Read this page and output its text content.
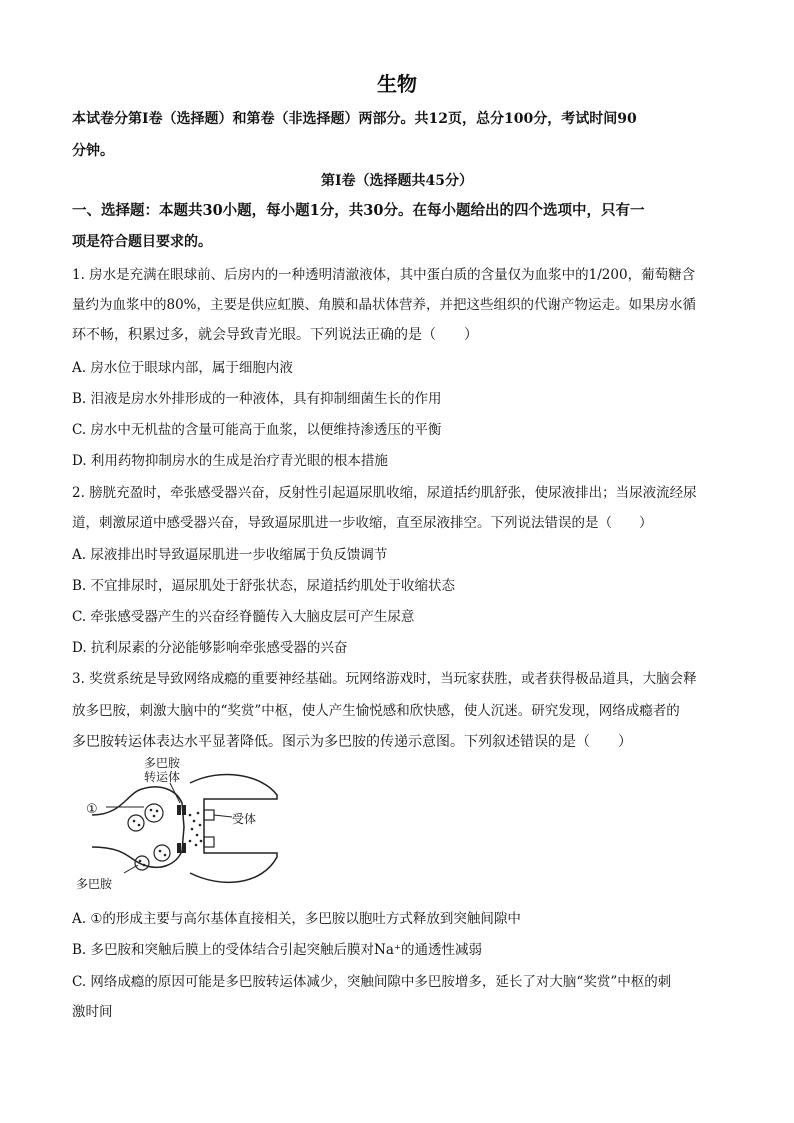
生物
本试卷分第Ⅰ卷（选择题）和第卷（非选择题）两部分。共12页，总分100分，考试时间90
分钟。
第Ⅰ卷（选择题共45分）
一、选择题：本题共30小题，每小题1分，共30分。在每小题给出的四个选项中，只有一
项是符合题目要求的。
1. 房水是充满在眼球前、后房内的一种透明清澈液体，其中蛋白质的含量仅为血浆中的1/200，葡萄糖含
量约为血浆中的80%，主要是供应虹膜、角膜和晶状体营养，并把这些组织的代谢产物运走。如果房水循
环不畅，积累过多，就会导致青光眼。下列说法正确的是（　　）
A. 房水位于眼球内部，属于细胞内液
B. 泪液是房水外排形成的一种液体，具有抑制细菌生长的作用
C. 房水中无机盐的含量可能高于血浆，以便维持渗透压的平衡
D. 利用药物抑制房水的生成是治疗青光眼的根本措施
2. 膀胱充盈时，牵张感受器兴奋，反射性引起逼尿肌收缩，尿道括约肌舒张，使尿液排出；当尿液流经尿
道，刺激尿道中感受器兴奋，导致逼尿肌进一步收缩，直至尿液排空。下列说法错误的是（　　）
A. 尿液排出时导致逼尿肌进一步收缩属于负反馈调节
B. 不宜排尿时，逼尿肌处于舒张状态，尿道括约肌处于收缩状态
C. 牵张感受器产生的兴奋经脊髓传入大脑皮层可产生尿意
D. 抗利尿素的分泌能够影响牵张感受器的兴奋
3. 奖赏系统是导致网络成瘾的重要神经基础。玩网络游戏时，当玩家获胜，或者获得极品道具，大脑会释
放多巴胺，刺激大脑中的“奖赏”中枢，使人产生愉悦感和欣快感，使人沉迷。研究发现，网络成瘾者的
多巴胺转运体表达水平显著降低。图示为多巴胺的传递示意图。下列叙述错误的是（　　）
多巴胺
转运体
①
受体
多巴胺
A. ①的形成主要与高尔基体直接相关，多巴胺以胞吐方式释放到突触间隙中
B. 多巴胺和突触后膜上的受体结合引起突触后膜对Na⁺的通透性减弱
C. 网络成瘾的原因可能是多巴胺转运体减少，突触间隙中多巴胺增多，延长了对大脑“奖赏”中枢的刺
激时间
